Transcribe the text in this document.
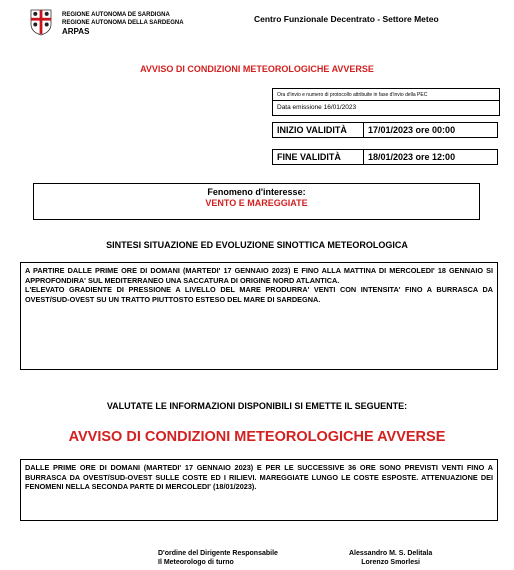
REGIONE AUTONOMA DE SARDIGNA
REGIONE AUTONOMA DELLA SARDEGNA
ARPAS
Centro Funzionale Decentrato - Settore Meteo
AVVISO DI CONDIZIONI METEOROLOGICHE AVVERSE
Ora d'invio e numero di protocollo attribuite in fase d'invio della PEC
Data emissione 16/01/2023
INIZIO VALIDITÀ	17/01/2023 ore 00:00

FINE VALIDITÀ	18/01/2023 ore 12:00
Fenomeno d'interesse:
VENTO E MAREGGIATE
SINTESI SITUAZIONE ED EVOLUZIONE SINOTTICA METEOROLOGICA
A PARTIRE DALLE PRIME ORE DI DOMANI (MARTEDI' 17 GENNAIO 2023) E FINO ALLA MATTINA DI MERCOLEDI' 18 GENNAIO SI APPROFONDIRA' SUL MEDITERRANEO UNA SACCATURA DI ORIGINE NORD ATLANTICA.
L'ELEVATO GRADIENTE DI PRESSIONE A LIVELLO DEL MARE PRODURRA' VENTI CON INTENSITA' FINO A BURRASCA DA OVEST/SUD-OVEST SU UN TRATTO PIUTTOSTO ESTESO DEL MARE DI SARDEGNA.
VALUTATE LE INFORMAZIONI DISPONIBILI SI EMETTE IL SEGUENTE:
AVVISO DI CONDIZIONI METEOROLOGICHE AVVERSE
DALLE PRIME ORE DI DOMANI (MARTEDI' 17 GENNAIO 2023) E PER LE SUCCESSIVE 36 ORE SONO PREVISTI VENTI FINO A BURRASCA DA OVEST/SUD-OVEST SULLE COSTE ED I RILIEVI. MAREGGIATE LUNGO LE COSTE ESPOSTE. ATTENUAZIONE DEI FENOMENI NELLA SECONDA PARTE DI MERCOLEDI' (18/01/2023).
D'ordine del Dirigente Responsabile
Il Meteorologo di turno
Alessandro M. S. Delitala
Lorenzo Smorlesi
